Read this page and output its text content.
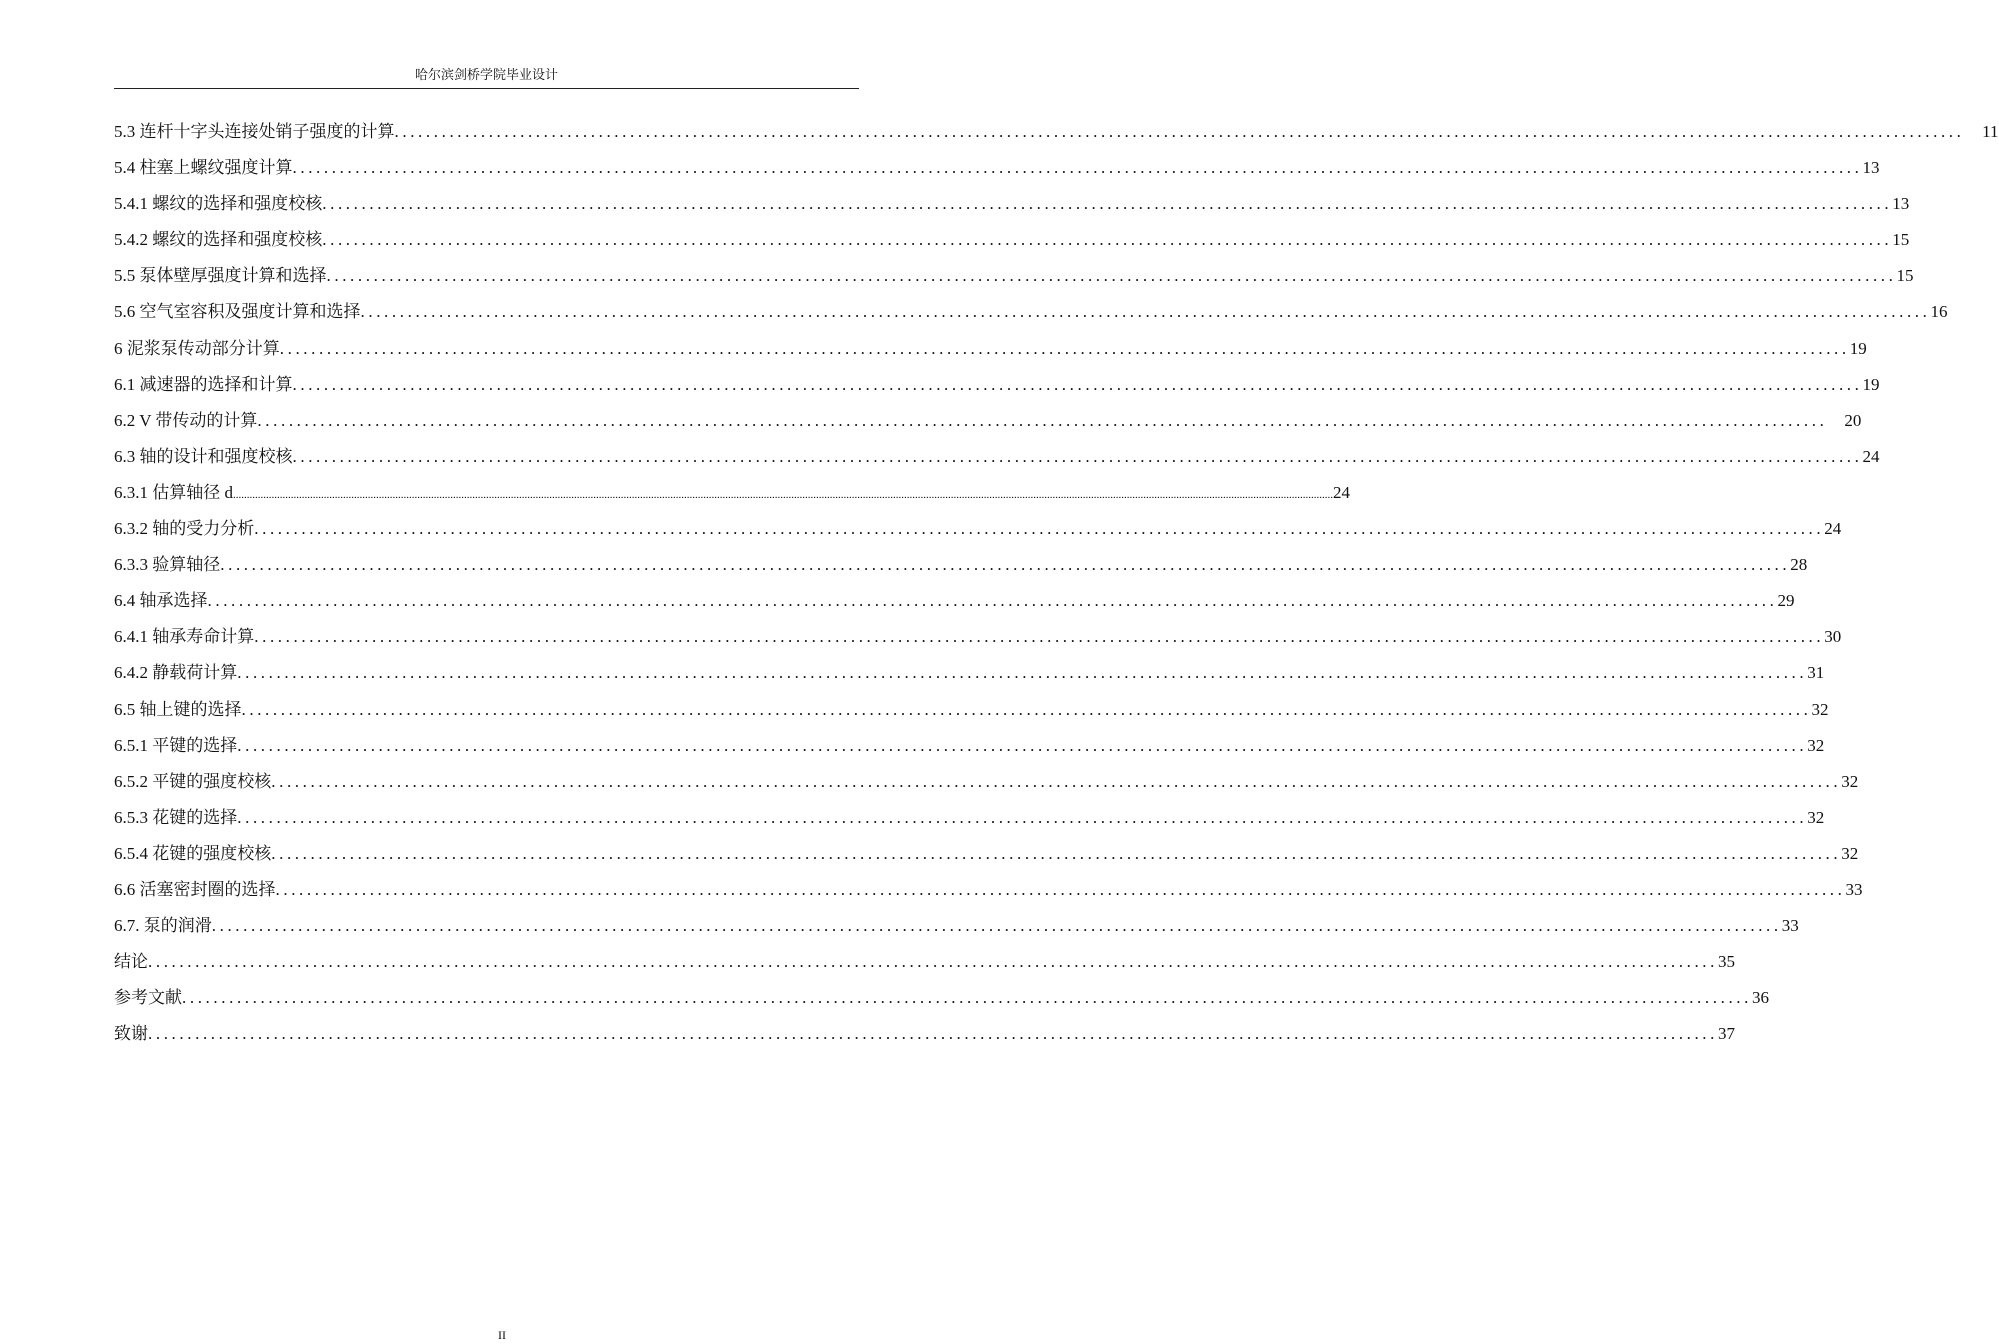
哈尔滨剑桥学院毕业设计
5.3 连杆十字头连接处销子强度的计算 ........................................................................................................................................................................................................	11
5.4 柱塞上螺纹强度计算 ........................................................................................................................................................................................................ 13
5.4.1 螺纹的选择和强度校核 ........................................................................................................................................................................................................ 13
5.4.2 螺纹的选择和强度校核 ........................................................................................................................................................................................................ 15
5.5 泵体壁厚强度计算和选择 ........................................................................................................................................................................................................ 15
5.6 空气室容积及强度计算和选择 ........................................................................................................................................................................................................ 16
6 泥浆泵传动部分计算 ........................................................................................................................................................................................................ 19
6.1 减速器的选择和计算 ........................................................................................................................................................................................................ 19
6.2 V 带传动的计算 ........................................................................................................................................................................................................	20
6.3 轴的设计和强度校核 ........................................................................................................................................................................................................ 24
6.3.1 估算轴径 d ................................................................................................................................................................................................................................................................................................................................................................................................................ 24
6.3.2 轴的受力分析 ........................................................................................................................................................................................................ 24
6.3.3 验算轴径 ........................................................................................................................................................................................................ 28
6.4 轴承选择 ........................................................................................................................................................................................................ 29
6.4.1 轴承寿命计算 ........................................................................................................................................................................................................ 30
6.4.2 静载荷计算 ........................................................................................................................................................................................................ 31
6.5 轴上键的选择 ........................................................................................................................................................................................................ 32
6.5.1 平键的选择 ........................................................................................................................................................................................................ 32
6.5.2 平键的强度校核 ........................................................................................................................................................................................................ 32
6.5.3 花键的选择 ........................................................................................................................................................................................................ 32
6.5.4 花键的强度校核 ........................................................................................................................................................................................................ 32
6.6 活塞密封圈的选择 ........................................................................................................................................................................................................ 33
6.7. 泵的润滑 ........................................................................................................................................................................................................ 33
结论 ........................................................................................................................................................................................................ 35
参考文献 ........................................................................................................................................................................................................ 36
致谢 ........................................................................................................................................................................................................ 37
II
